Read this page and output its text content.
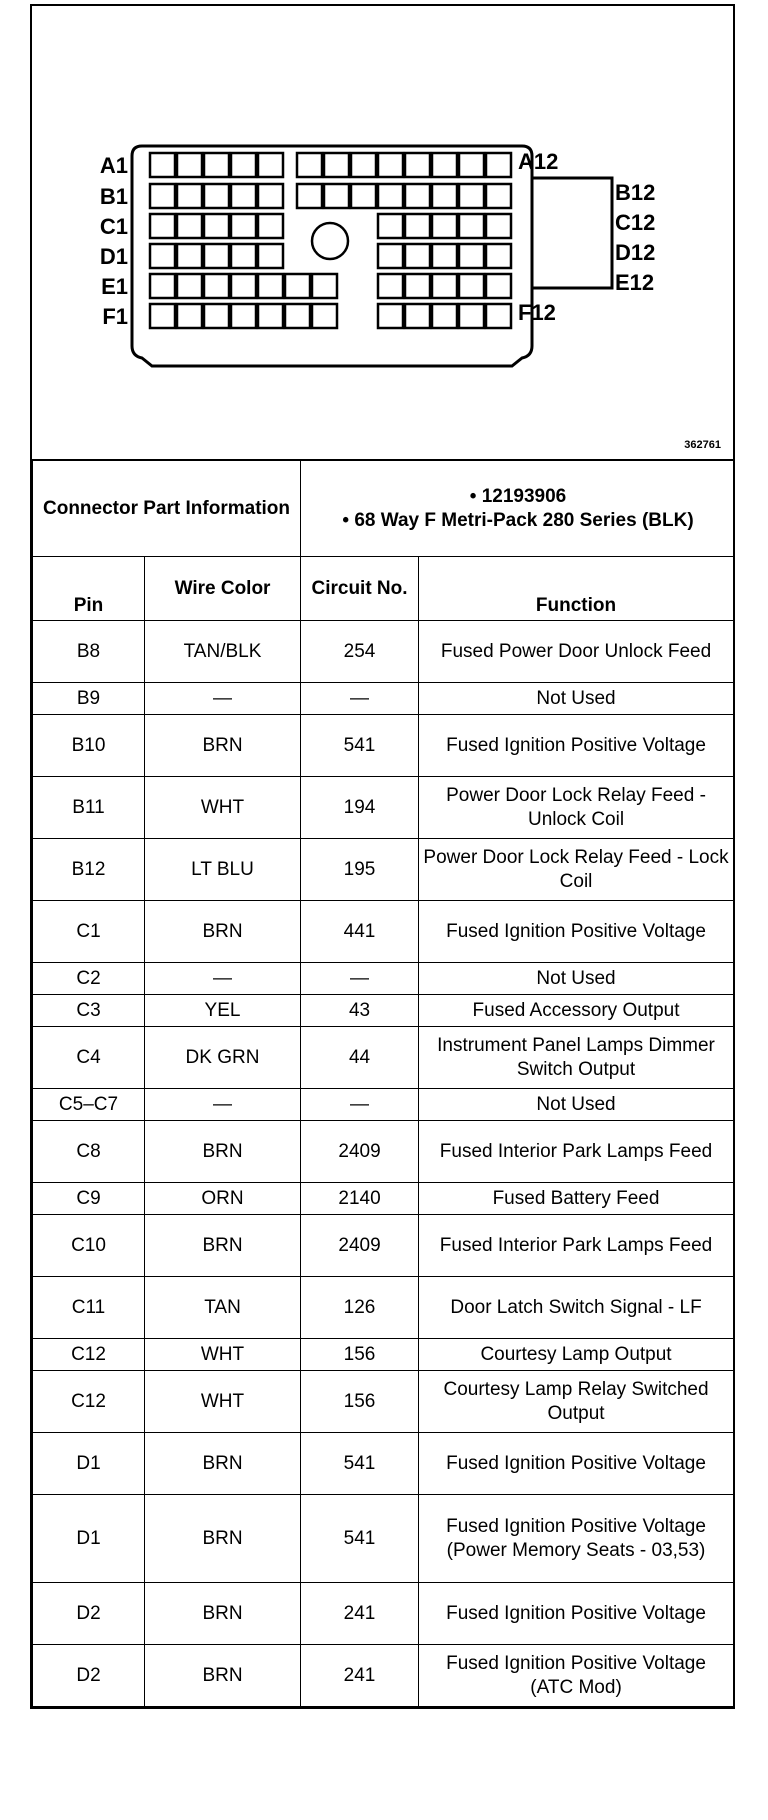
A1
B1
C1
D1
E1
F1
A12
B12
C12
D12
E12
F12
362761
Connector Part Information		• 12193906
• 68 Way F Metri-Pack 280 Series (BLK)	

Pin	Wire Color	Circuit No.	Function
B8	TAN/BLK	254	Fused Power Door Unlock Feed
B9	—	—	Not Used
B10	BRN	541	Fused Ignition Positive Voltage
B11	WHT	194	Power Door Lock Relay Feed - Unlock Coil
B12	LT BLU	195	Power Door Lock Relay Feed - Lock Coil
C1	BRN	441	Fused Ignition Positive Voltage
C2	—	—	Not Used
C3	YEL	43	Fused Accessory Output
C4	DK GRN	44	Instrument Panel Lamps Dimmer Switch Output
C5–C7	—	—	Not Used
C8	BRN	2409	Fused Interior Park Lamps Feed
C9	ORN	2140	Fused Battery Feed
C10	BRN	2409	Fused Interior Park Lamps Feed
C11	TAN	126	Door Latch Switch Signal - LF
C12	WHT	156	Courtesy Lamp Output
C12	WHT	156	Courtesy Lamp Relay Switched Output
D1	BRN	541	Fused Ignition Positive Voltage
D1	BRN	541	Fused Ignition Positive Voltage (Power Memory Seats - 03,53)
D2	BRN	241	Fused Ignition Positive Voltage
D2	BRN	241	Fused Ignition Positive Voltage (ATC Mod)
